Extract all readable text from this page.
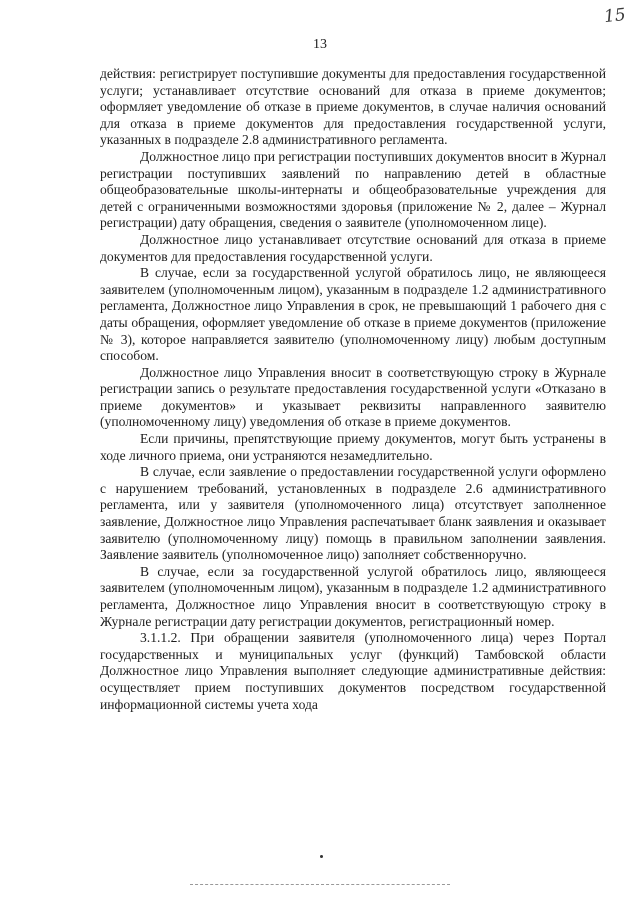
15
13

действия: регистрирует поступившие документы для предоставления государственной услуги; устанавливает отсутствие оснований для отказа в приеме документов; оформляет уведомление об отказе в приеме документов, в случае наличия оснований для отказа в приеме документов для предоставления государственной услуги, указанных в подразделе 2.8 административного регламента.

Должностное лицо при регистрации поступивших документов вносит в Журнал регистрации поступивших заявлений по направлению детей в областные общеобразовательные школы-интернаты и общеобразовательные учреждения для детей с ограниченными возможностями здоровья (приложение № 2, далее – Журнал регистрации) дату обращения, сведения о заявителе (уполномоченном лице).

Должностное лицо устанавливает отсутствие оснований для отказа в приеме документов для предоставления государственной услуги.

В случае, если за государственной услугой обратилось лицо, не являющееся заявителем (уполномоченным лицом), указанным в подразделе 1.2 административного регламента, Должностное лицо Управления в срок, не превышающий 1 рабочего дня с даты обращения, оформляет уведомление об отказе в приеме документов (приложение № 3), которое направляется заявителю (уполномоченному лицу) любым доступным способом.

Должностное лицо Управления вносит в соответствующую строку в Журнале регистрации запись о результате предоставления государственной услуги «Отказано в приеме документов» и указывает реквизиты направленного заявителю (уполномоченному лицу) уведомления об отказе в приеме документов.

Если причины, препятствующие приему документов, могут быть устранены в ходе личного приема, они устраняются незамедлительно.

В случае, если заявление о предоставлении государственной услуги оформлено с нарушением требований, установленных в подразделе 2.6 административного регламента, или у заявителя (уполномоченного лица) отсутствует заполненное заявление, Должностное лицо Управления распечатывает бланк заявления и оказывает заявителю (уполномоченному лицу) помощь в правильном заполнении заявления. Заявление заявитель (уполномоченное лицо) заполняет собственноручно.

В случае, если за государственной услугой обратилось лицо, являющееся заявителем (уполномоченным лицом), указанным в подразделе 1.2 административного регламента, Должностное лицо Управления вносит в соответствующую строку в Журнале регистрации дату регистрации документов, регистрационный номер.

3.1.1.2. При обращении заявителя (уполномоченного лица) через Портал государственных и муниципальных услуг (функций) Тамбовской области Должностное лицо Управления выполняет следующие административные действия: осуществляет прием поступивших документов посредством государственной информационной системы учета хода
